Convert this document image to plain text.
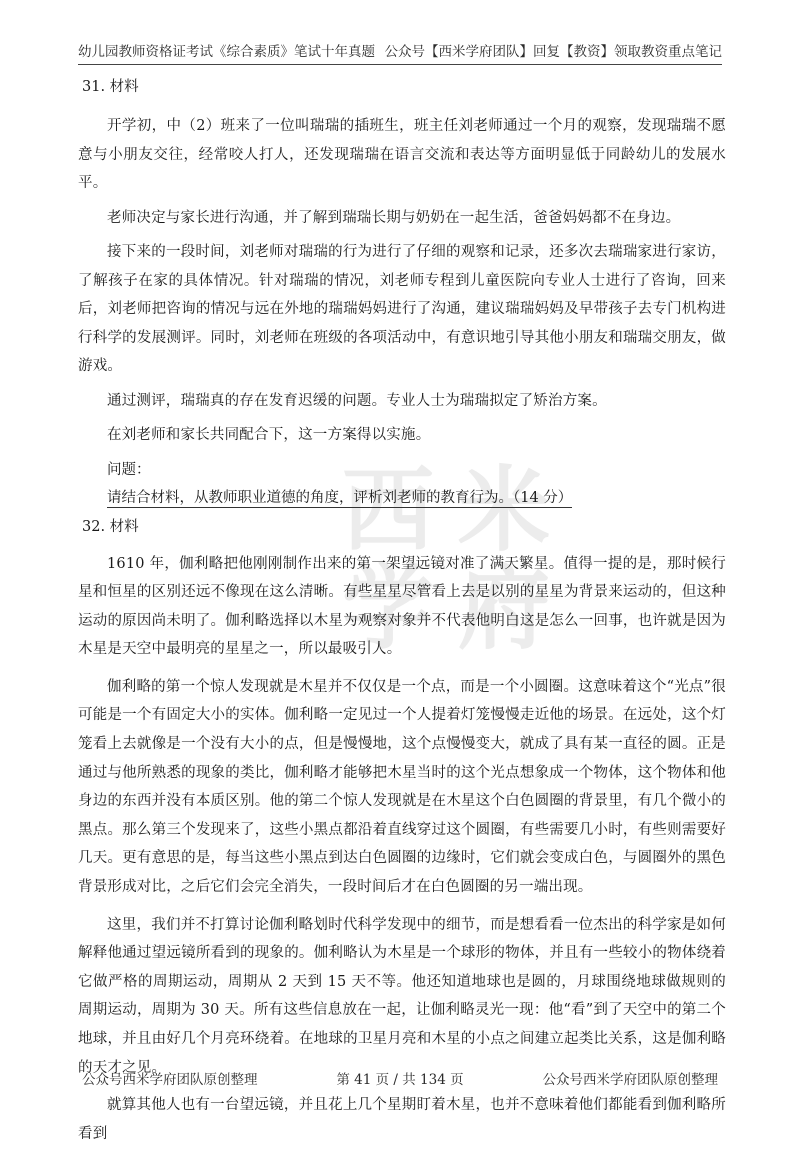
幼儿园教师资格证考试《综合素质》笔试十年真题 公众号【西米学府团队】回复【教资】领取教资重点笔记
西 米
学 府

31. 材料

开学初，中（2）班来了一位叫瑞瑞的插班生，班主任刘老师通过一个月的观察，发现瑞瑞不愿意与小朋友交往，经常咬人打人，还发现瑞瑞在语言交流和表达等方面明显低于同龄幼儿的发展水平。

老师决定与家长进行沟通，并了解到瑞瑞长期与奶奶在一起生活，爸爸妈妈都不在身边。

接下来的一段时间，刘老师对瑞瑞的行为进行了仔细的观察和记录，还多次去瑞瑞家进行家访，了解孩子在家的具体情况。针对瑞瑞的情况，刘老师专程到儿童医院向专业人士进行了咨询，回来后，刘老师把咨询的情况与远在外地的瑞瑞妈妈进行了沟通，建议瑞瑞妈妈及早带孩子去专门机构进行科学的发展测评。同时，刘老师在班级的各项活动中，有意识地引导其他小朋友和瑞瑞交朋友，做游戏。

通过测评，瑞瑞真的存在发育迟缓的问题。专业人士为瑞瑞拟定了矫治方案。

在刘老师和家长共同配合下，这一方案得以实施。

问题：

请结合材料，从教师职业道德的角度，评析刘老师的教育行为。（14 分）

32. 材料

1610 年，伽利略把他刚刚制作出来的第一架望远镜对准了满天繁星。值得一提的是，那时候行星和恒星的区别还远不像现在这么清晰。有些星星尽管看上去是以别的星星为背景来运动的，但这种运动的原因尚未明了。伽利略选择以木星为观察对象并不代表他明白这是怎么一回事，也许就是因为木星是天空中最明亮的星星之一，所以最吸引人。

伽利略的第一个惊人发现就是木星并不仅仅是一个点，而是一个小圆圈。这意味着这个“光点”很可能是一个有固定大小的实体。伽利略一定见过一个人提着灯笼慢慢走近他的场景。在远处，这个灯笼看上去就像是一个没有大小的点，但是慢慢地，这个点慢慢变大，就成了具有某一直径的圆。正是通过与他所熟悉的现象的类比，伽利略才能够把木星当时的这个光点想象成一个物体，这个物体和他身边的东西并没有本质区别。他的第二个惊人发现就是在木星这个白色圆圈的背景里，有几个微小的黑点。那么第三个发现来了，这些小黑点都沿着直线穿过这个圆圈，有些需要几小时，有些则需要好几天。更有意思的是，每当这些小黑点到达白色圆圈的边缘时，它们就会变成白色，与圆圈外的黑色背景形成对比，之后它们会完全消失，一段时间后才在白色圆圈的另一端出现。

这里，我们并不打算讨论伽利略划时代科学发现中的细节，而是想看看一位杰出的科学家是如何解释他通过望远镜所看到的现象的。伽利略认为木星是一个球形的物体，并且有一些较小的物体绕着它做严格的周期运动，周期从 2 天到 15 天不等。他还知道地球也是圆的，月球围绕地球做规则的周期运动，周期为 30 天。所有这些信息放在一起，让伽利略灵光一现：他“看”到了天空中的第二个地球，并且由好几个月亮环绕着。在地球的卫星月亮和木星的小点之间建立起类比关系，这是伽利略的天才之见。

就算其他人也有一台望远镜，并且花上几个星期盯着木星，也并不意味着他们都能看到伽利略所看到

公众号西米学府团队原创整理	第 41 页 / 共 134 页	公众号西米学府团队原创整理
